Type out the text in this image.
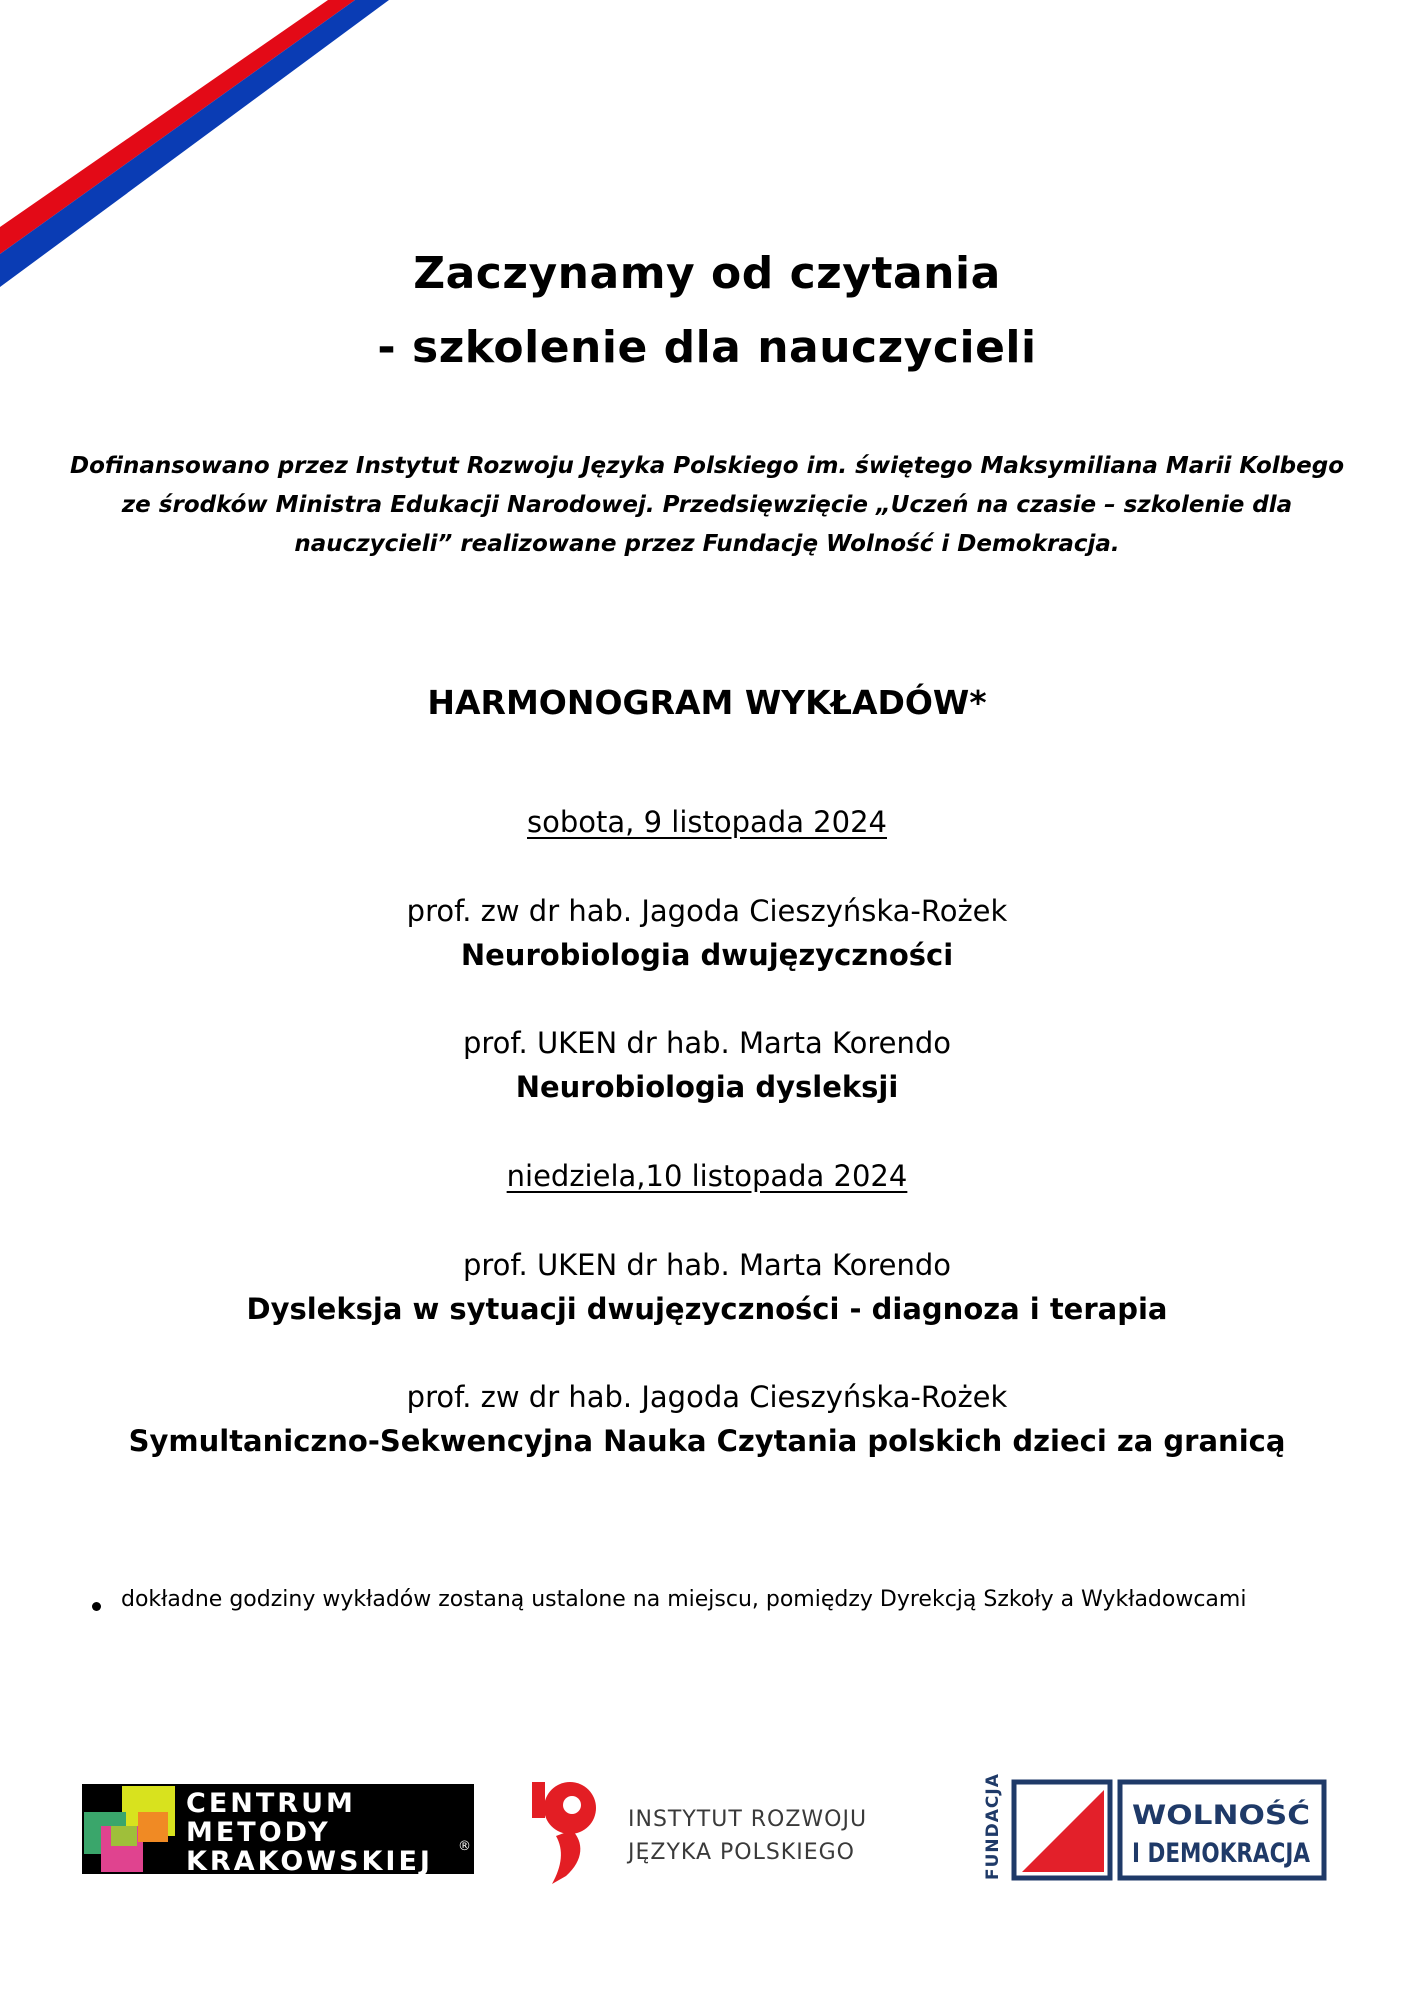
Zaczynamy od czytania
- szkolenie dla nauczycieli
Dofinansowano przez Instytut Rozwoju Języka Polskiego im. świętego Maksymiliana Marii Kolbego
ze środków Ministra Edukacji Narodowej. Przedsięwzięcie „Uczeń na czasie – szkolenie dla
nauczycieli” realizowane przez Fundację Wolność i Demokracja.
HARMONOGRAM WYKŁADÓW*
sobota, 9 listopada 2024
prof. zw dr hab. Jagoda Cieszyńska-Rożek
Neurobiologia dwujęzyczności
prof. UKEN dr hab. Marta Korendo
Neurobiologia dysleksji
niedziela,10 listopada 2024
prof. UKEN dr hab. Marta Korendo
Dysleksja w sytuacji dwujęzyczności - diagnoza i terapia
prof. zw dr hab. Jagoda Cieszyńska-Rożek
Symultaniczno-Sekwencyjna Nauka Czytania polskich dzieci za granicą
dokładne godziny wykładów zostaną ustalone na miejscu, pomiędzy Dyrekcją Szkoły a Wykładowcami
CENTRUM
METODY
KRAKOWSKIEJ ®
INSTYTUT ROZWOJU
JĘZYKA POLSKIEGO	FUNDACJA	WOLNOŚĆ
I DEMOKRACJA
